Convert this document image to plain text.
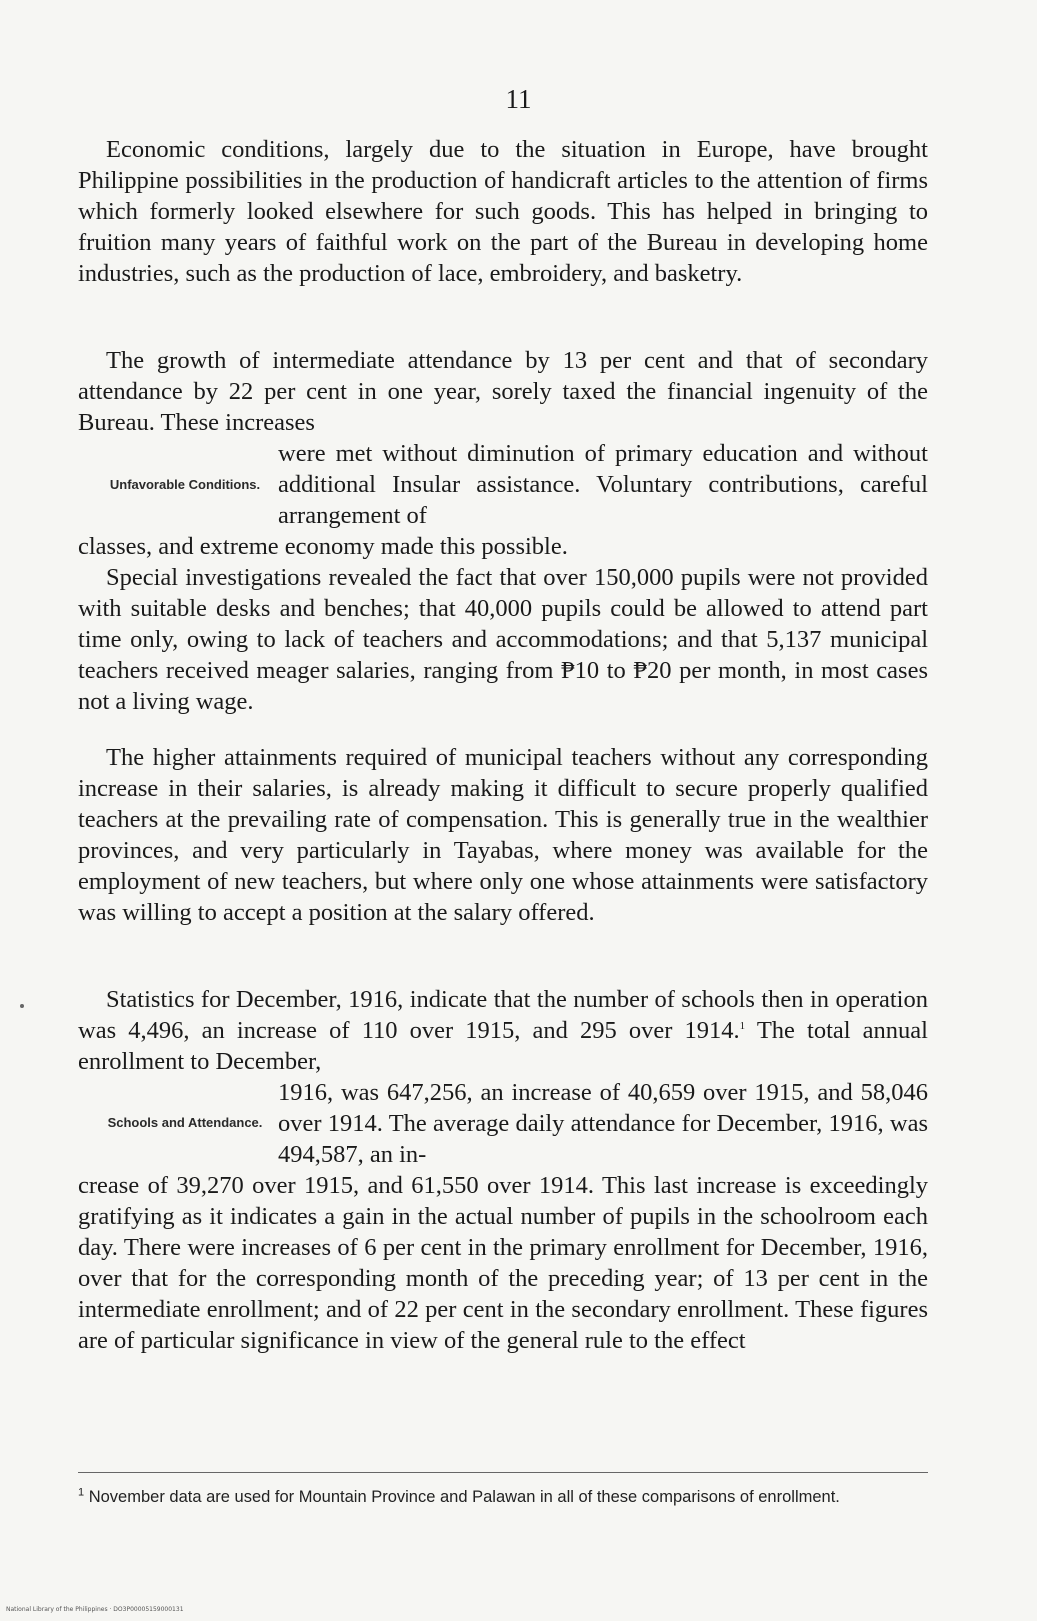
11

Economic conditions, largely due to the situation in Europe, have brought Philippine possibilities in the production of handicraft articles to the attention of firms which formerly looked elsewhere for such goods. This has helped in bringing to fruition many years of faithful work on the part of the Bureau in developing home industries, such as the production of lace, embroidery, and basketry.

The growth of intermediate attendance by 13 per cent and that of secondary attendance by 22 per cent in one year, sorely taxed the financial ingenuity of the Bureau. These increases

were met without diminution of primary education and without additional Insular assistance. Voluntary contributions, careful arrangement of

Unfavorable Conditions.

classes, and extreme economy made this possible.

Special investigations revealed the fact that over 150,000 pupils were not provided with suitable desks and benches; that 40,000 pupils could be allowed to attend part time only, owing to lack of teachers and accommodations; and that 5,137 municipal teachers received meager salaries, ranging from ₱10 to ₱20 per month, in most cases not a living wage.

The higher attainments required of municipal teachers without any corresponding increase in their salaries, is already making it difficult to secure properly qualified teachers at the prevailing rate of compensation. This is generally true in the wealthier provinces, and very particularly in Tayabas, where money was available for the employment of new teachers, but where only one whose attainments were satisfactory was willing to accept a position at the salary offered.

Statistics for December, 1916, indicate that the number of schools then in operation was 4,496, an increase of 110 over 1915, and 295 over 1914.$^1$ The total annual enrollment to December,

1916, was 647,256, an increase of 40,659 over 1915, and 58,046 over 1914. The average daily attendance for December, 1916, was 494,587, an in-

Schools and Attendance.

crease of 39,270 over 1915, and 61,550 over 1914. This last increase is exceedingly gratifying as it indicates a gain in the actual number of pupils in the schoolroom each day. There were increases of 6 per cent in the primary enrollment for December, 1916, over that for the corresponding month of the preceding year; of 13 per cent in the intermediate enrollment; and of 22 per cent in the secondary enrollment. These figures are of particular significance in view of the general rule to the effect

$^1$ November data are used for Mountain Province and Palawan in all of these comparisons of enrollment.

National Library of the Philippines · DO3P00005159000131
